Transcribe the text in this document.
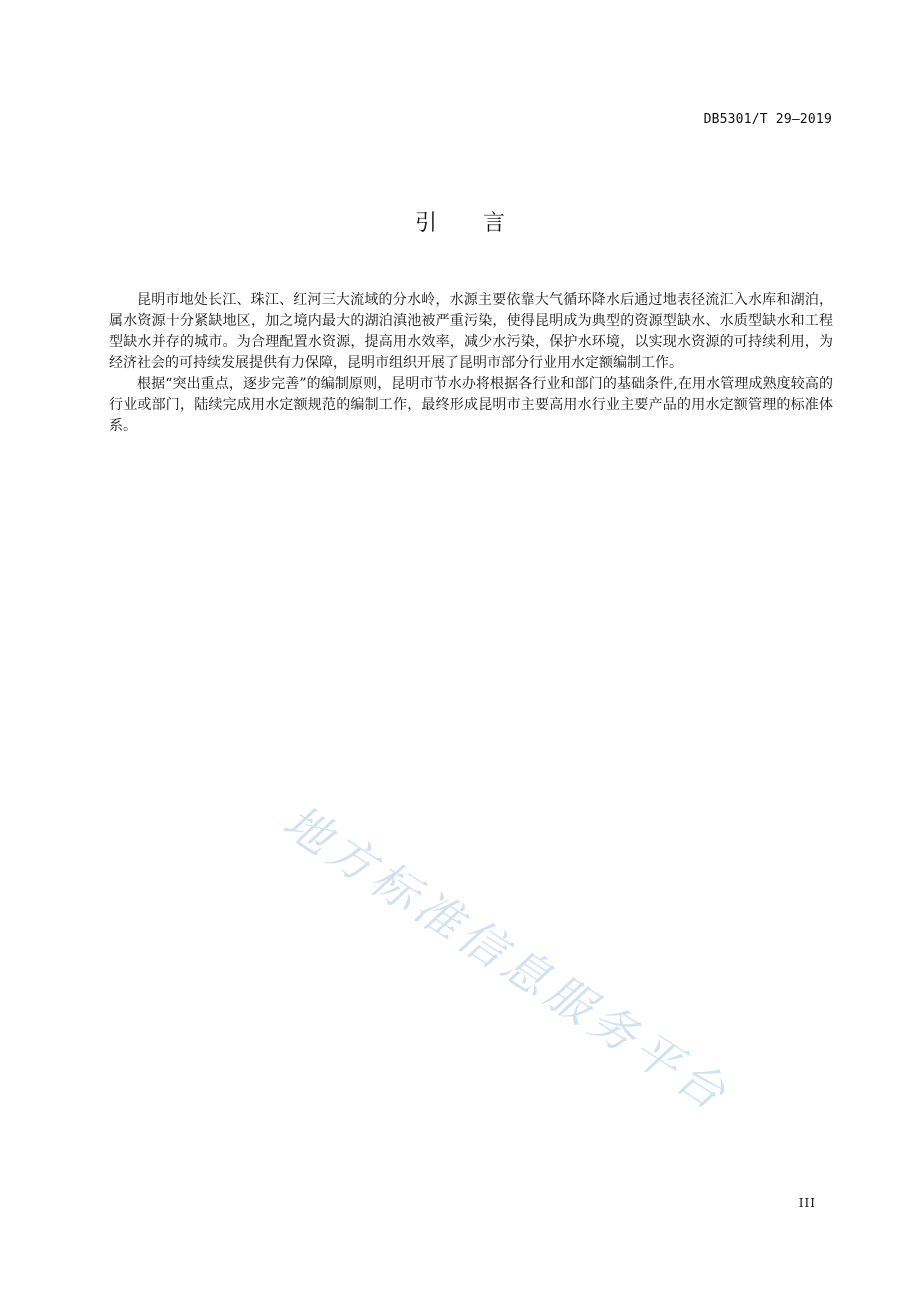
DB5301/T 29—2019
引言

昆明市地处长江、珠江、红河三大流域的分水岭，水源主要依靠大气循环降水后通过地表径流汇入水库和湖泊，属水资源十分紧缺地区，加之境内最大的湖泊滇池被严重污染，使得昆明成为典型的资源型缺水、水质型缺水和工程型缺水并存的城市。为合理配置水资源，提高用水效率，减少水污染，保护水环境，以实现水资源的可持续利用，为经济社会的可持续发展提供有力保障，昆明市组织开展了昆明市部分行业用水定额编制工作。

根据“突出重点，逐步完善”的编制原则，昆明市节水办将根据各行业和部门的基础条件,在用水管理成熟度较高的行业或部门，陆续完成用水定额规范的编制工作，最终形成昆明市主要高用水行业主要产品的用水定额管理的标准体系。

地方标准信息服务平台
III
